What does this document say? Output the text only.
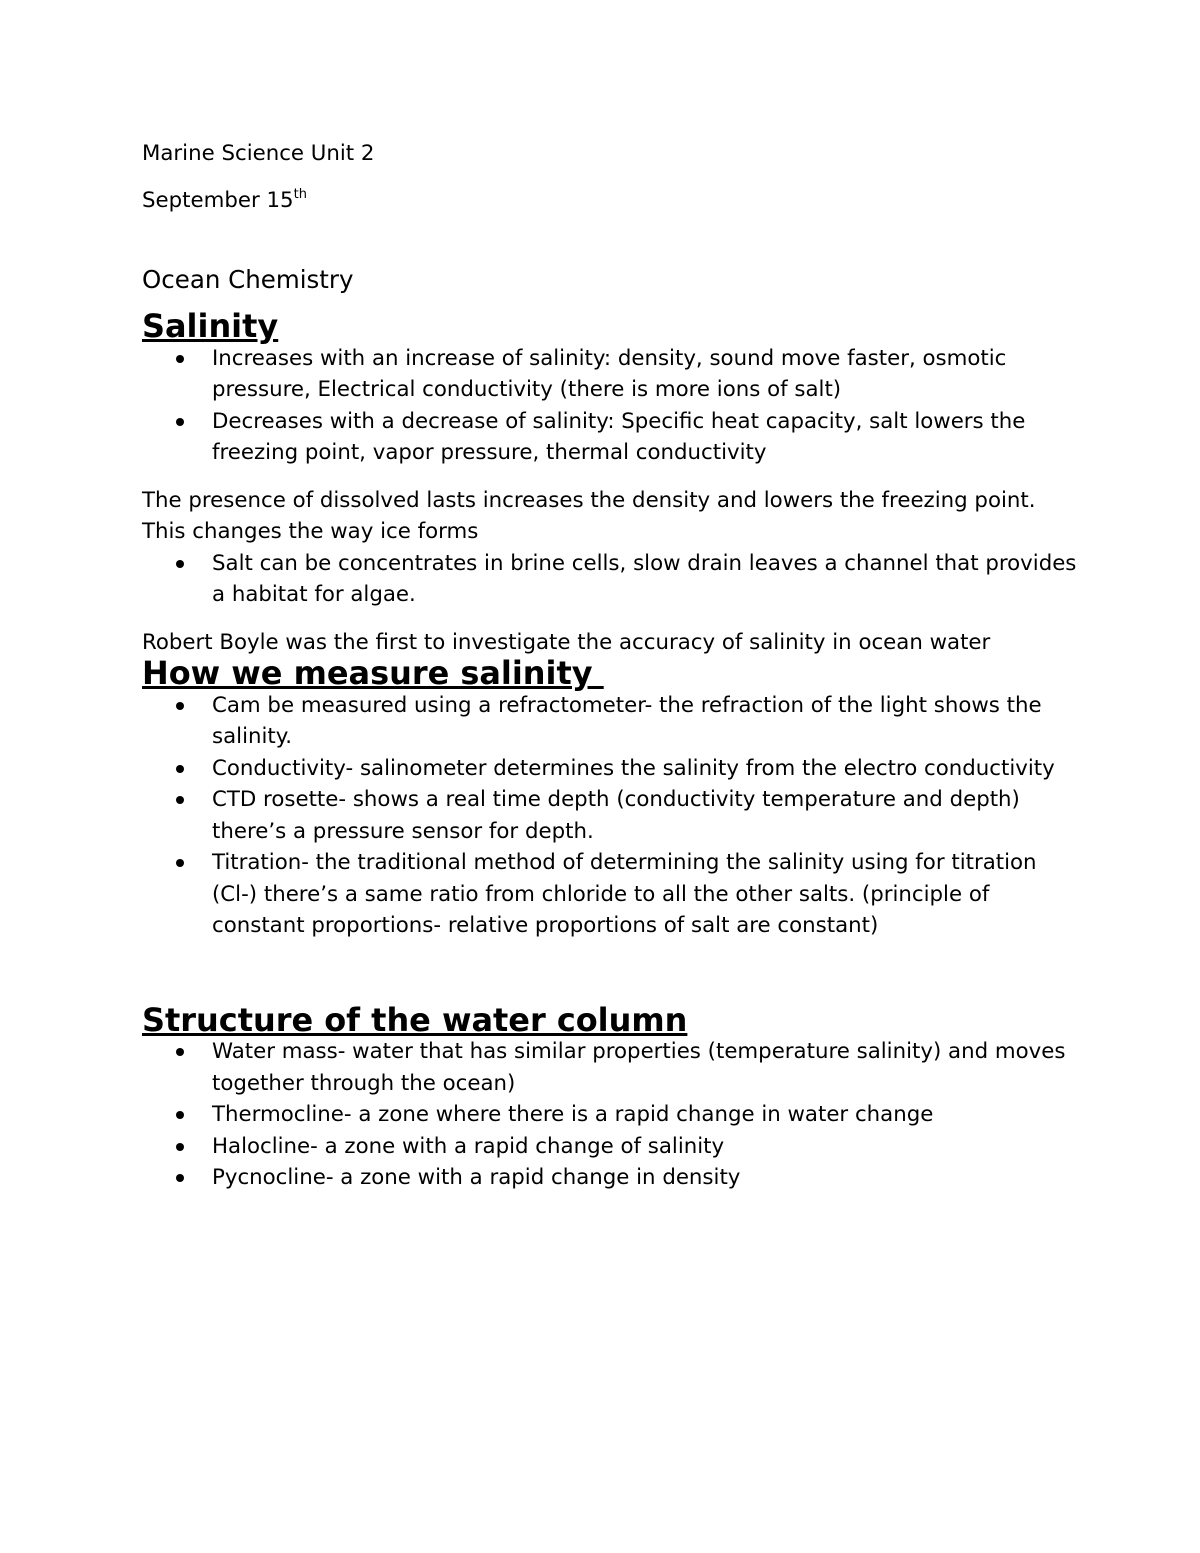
Marine Science Unit 2

September 15th

Ocean Chemistry
Salinity
Increases with an increase of salinity: density, sound move faster, osmotic pressure, Electrical conductivity (there is more ions of salt)
Decreases with a decrease of salinity: Specific heat capacity, salt lowers the freezing point, vapor pressure, thermal conductivity

The presence of dissolved lasts increases the density and lowers the freezing point. This changes the way ice forms

Salt can be concentrates in brine cells, slow drain leaves a channel that provides a habitat for algae.

Robert Boyle was the first to investigate the accuracy of salinity in ocean water

How we measure salinity
Cam be measured using a refractometer- the refraction of the light shows the salinity.
Conductivity- salinometer determines the salinity from the electro conductivity
CTD rosette- shows a real time depth (conductivity temperature and depth) there’s a pressure sensor for depth.
Titration- the traditional method of determining the salinity using for titration (Cl-) there’s a same ratio from chloride to all the other salts. (principle of constant proportions- relative proportions of salt are constant)
Structure of the water column
Water mass- water that has similar properties (temperature salinity) and moves together through the ocean)
Thermocline- a zone where there is a rapid change in water change
Halocline- a zone with a rapid change of salinity
Pycnocline- a zone with a rapid change in density
